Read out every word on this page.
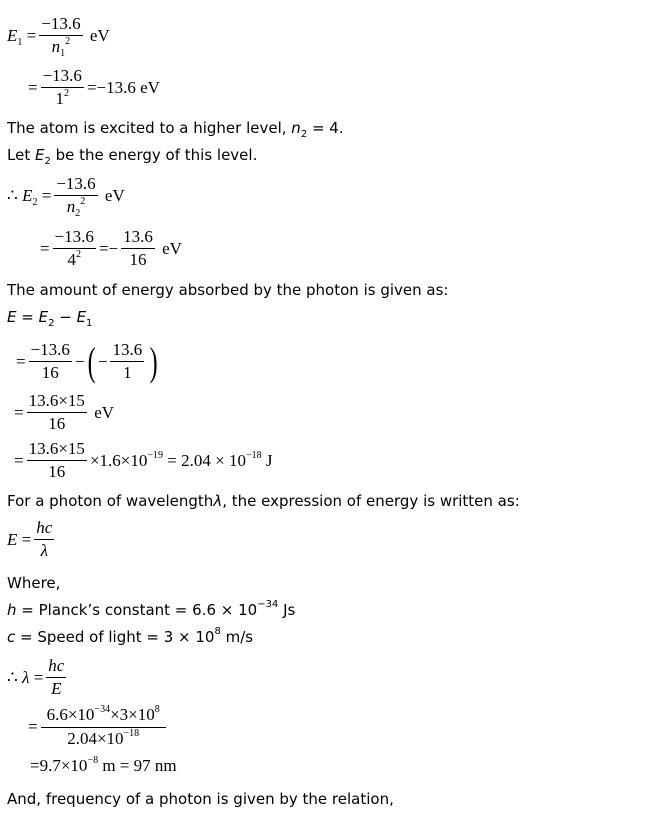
$E_1 = \frac{-13.6}{n_1^2}$
eV
= $\frac{-13.6}{1^2} = -13.6$ eV
The atom is excited to a higher level, $n_2 = 4$.
Let $E_2$ be the energy of this level.
∴ $E_2 = \frac{-13.6}{n_2^2}$
eV
= $\frac{-13.6}{4^2} =- \frac{13.6}{16}$
eV
The amount of energy absorbed by the photon is given as:
$E = E_2 - E_1$
= $\frac{-13.6}{16}$ − ( − $\frac{13.6}{1}$ )
= $\frac{13.6\times 15}{16}$
eV
= $\frac{13.6\times 15}{16} \times 1.6\times 10^{-19} = 2.04 \times 10^{-18}$ J
For a photon of wavelengthλ, the expression of energy is written as:
$E = \frac{hc}{\lambda}$
Where,
h = Planck’s constant = $6.6 \times 10^{-34}$ Js
c = Speed of light = $3 \times 10^8$ m/s
∴ $\lambda = \frac{hc}{E}$
= $\frac{6.6\times 10^{-34}\times 3\times 10^8}{2.04\times 10^{-18}}$
$=9.7\times 10^{-8}$ m = 97 nm
And, frequency of a photon is given by the relation,
